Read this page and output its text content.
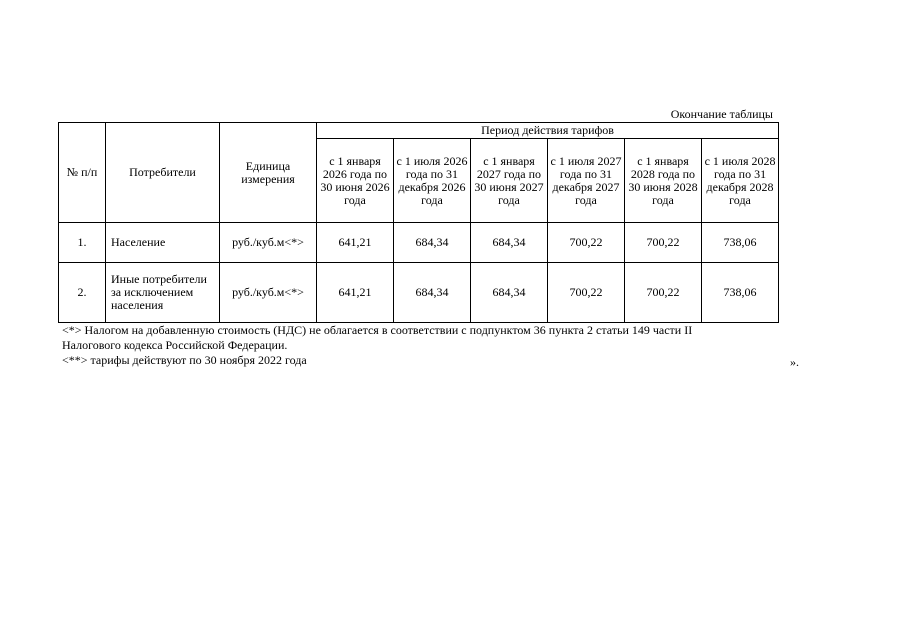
Окончание таблицы
№ п/п	Потребители	Единица измерения	Период действия тарифов					
			с 1 января 2026 года по 30 июня 2026 года	с 1 июля 2026 года по 31 декабря 2026 года	с 1 января 2027 года по 30 июня 2027 года	с 1 июля 2027 года по 31 декабря 2027 года	с 1 января 2028 года по 30 июня 2028 года	с 1 июля 2028 года по 31 декабря 2028 года
1.	Население	руб./куб.м<*>	641,21	684,34	684,34	700,22	700,22	738,06
2.	Иные потребители за исключением населения	руб./куб.м<*>	641,21	684,34	684,34	700,22	700,22	738,06
<*> Налогом на добавленную стоимость (НДС) не облагается в соответствии с подпунктом 36 пункта 2 статьи 149 части II
Налогового кодекса Российской Федерации.
<**> тарифы действуют по 30 ноября 2022 года	».
